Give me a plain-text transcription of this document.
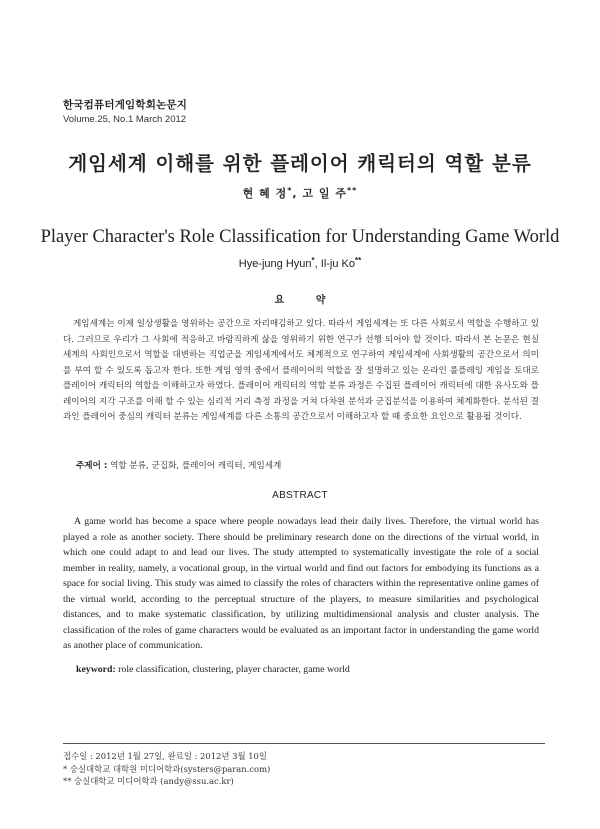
한국컴퓨터게임학회논문지
Volume.25, No.1 March 2012
게임세계 이해를 위한 플레이어 캐릭터의 역할 분류
현 혜 정*, 고 일 주**
Player Character's Role Classification for Understanding Game World
Hye-jung Hyun*, Il-ju Ko**
요 약

게임세계는 이제 일상생활을 영위하는 공간으로 자리매김하고 있다. 따라서 게임세계는 또 다른 사회로서 역할을 수행하고 있다. 그러므로 우리가 그 사회에 적응하고 바람직하게 삶을 영위하기 위한 연구가 선행 되어야 할 것이다. 따라서 본 논문은 현실세계의 사회인으로서 역할을 대변하는 직업군을 게임세계에서도 체계적으로 연구하여 게임세계에 사회생활의 공간으로서 의미를 부여 할 수 있도록 돕고자 한다. 또한 게임 영역 중에서 플레이어의 역할을 잘 설명하고 있는 온라인 롤플레잉 게임을 토대로 플레이어 캐릭터의 역할을 이해하고자 하였다. 플레이어 캐릭터의 역할 분류 과정은 수집된 플레이어 캐릭터에 대한 유사도와 플레이어의 지각 구조를 이해 할 수 있는 심리적 거리 측정 과정을 거쳐 다차원 분석과 군집분석을 이용하여 체계화한다. 분석된 결과인 플레이어 중심의 캐릭터 분류는 게임세계를 다른 소통의 공간으로서 이해하고자 할 때 중요한 요인으로 활용될 것이다.

주제어 : 역할 분류, 군집화, 플레이어 캐릭터, 게임세계
ABSTRACT

A game world has become a space where people nowadays lead their daily lives. Therefore, the virtual world has played a role as another society. There should be preliminary research done on the directions of the virtual world, in which one could adapt to and lead our lives. The study attempted to systematically investigate the role of a social member in reality, namely, a vocational group, in the virtual world and find out factors for embodying its functions as a space for social living. This study was aimed to classify the roles of characters within the representative online games of the virtual world, according to the perceptual structure of the players, to measure similarities and psychological distances, and to make systematic classification, by utilizing multidimensional analysis and cluster analysis. The classification of the roles of game characters would be evaluated as an important factor in understanding the game world as another place of communication.

keyword: role classification, clustering, player character, game world
접수일 : 2012년 1월 27일, 완료일 : 2012년 3월 10일
* 숭실대학교 대학원 미디어학과(systers@paran.com)
** 숭실대학교 미디어학과 (andy@ssu.ac.kr)
